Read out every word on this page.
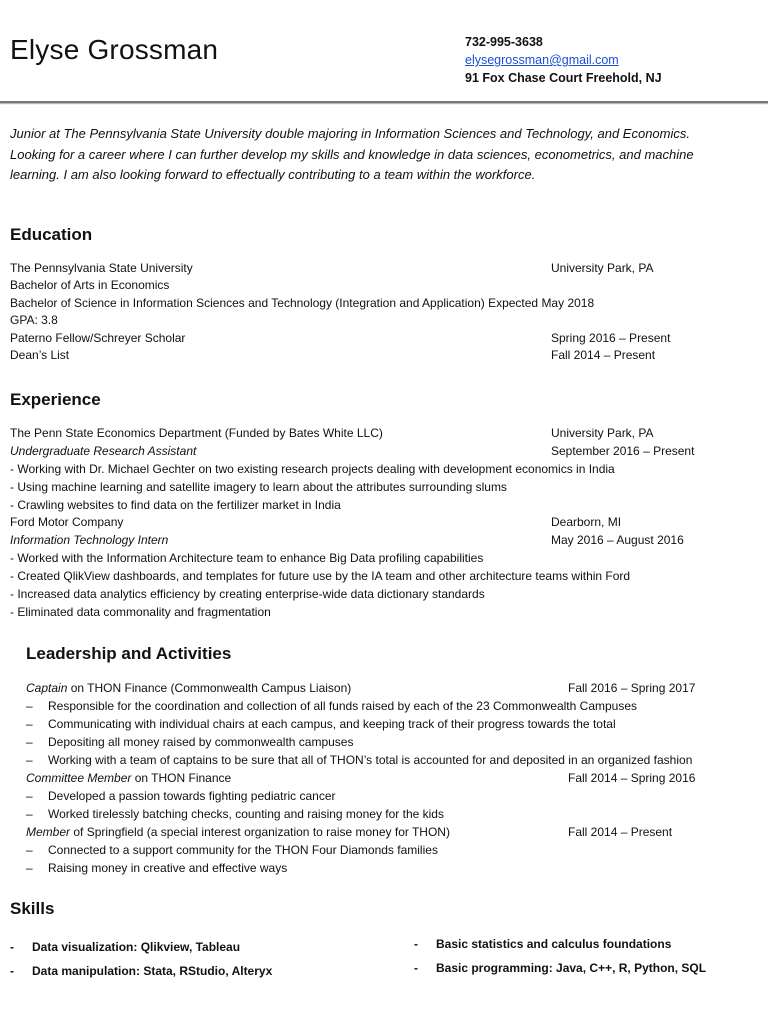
Elyse Grossman	732-995-3638
elysegrossman@gmail.com
91 Fox Chase Court Freehold, NJ
Junior at The Pennsylvania State University double majoring in Information Sciences and Technology, and Economics. Looking for a career where I can further develop my skills and knowledge in data sciences, econometrics, and machine learning. I am also looking forward to effectually contributing to a team within the workforce.
Education
The Pennsylvania State University	University Park, PA
Bachelor of Arts in Economics
Bachelor of Science in Information Sciences and Technology (Integration and Application) Expected May 2018
GPA: 3.8
Paterno Fellow/Schreyer Scholar	Spring 2016 – Present
Dean’s List	Fall 2014 – Present
Experience
The Penn State Economics Department (Funded by Bates White LLC)	University Park, PA
Undergraduate Research Assistant	September 2016 – Present
- Working with Dr. Michael Gechter on two existing research projects dealing with development economics in India
- Using machine learning and satellite imagery to learn about the attributes surrounding slums
- Crawling websites to find data on the fertilizer market in India
Ford Motor Company	Dearborn, MI
Information Technology Intern	May 2016 – August 2016
- Worked with the Information Architecture team to enhance Big Data profiling capabilities
- Created QlikView dashboards, and templates for future use by the IA team and other architecture teams within Ford
- Increased data analytics efficiency by creating enterprise-wide data dictionary standards
- Eliminated data commonality and fragmentation
Leadership and Activities
Captain on THON Finance (Commonwealth Campus Liaison)	Fall 2016 – Spring 2017
– Responsible for the coordination and collection of all funds raised by each of the 23 Commonwealth Campuses
– Communicating with individual chairs at each campus, and keeping track of their progress towards the total
– Depositing all money raised by commonwealth campuses
– Working with a team of captains to be sure that all of THON’s total is accounted for and deposited in an organized fashion
Committee Member on THON Finance	Fall 2014 – Spring 2016
– Developed a passion towards fighting pediatric cancer
– Worked tirelessly batching checks, counting and raising money for the kids
Member of Springfield (a special interest organization to raise money for THON)	Fall 2014 – Present
– Connected to a support community for the THON Four Diamonds families
– Raising money in creative and effective ways
Skills
- Data visualization: Qlikview, Tableau
- Data manipulation: Stata, RStudio, Alteryx
- Basic statistics and calculus foundations
- Basic programming: Java, C++, R, Python, SQL
